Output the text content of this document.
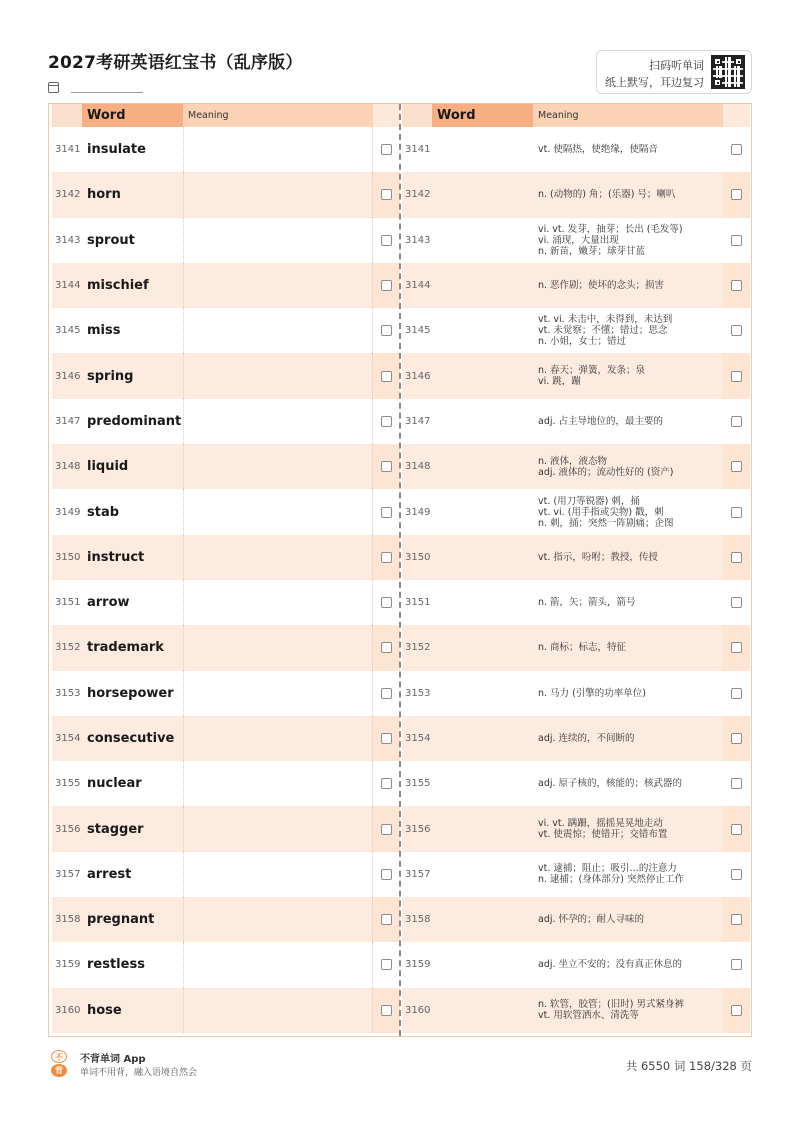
2027考研英语红宝书（乱序版）	扫码听单词
纸上默写，耳边复习
Word	Meaning
3141 insulate
3142 horn
3143 sprout
3144 mischief
3145 miss
3146 spring
3147 predominant
3148 liquid
3149 stab
3150 instruct
3151 arrow
3152 trademark
3153 horsepower
3154 consecutive
3155 nuclear
3156 stagger
3157 arrest
3158 pregnant
3159 restless
3160 hose
Word	Meaning
3141	vt. 使隔热，使绝缘，使隔音
3142	n. (动物的) 角；(乐器) 号；喇叭
3143
vi. vt. 发芽，抽芽；长出 (毛发等)
vi. 涌现，大量出现
n. 新苗，嫩芽；球芽甘蓝
3144	n. 恶作剧；使坏的念头；损害
3145
vt. vi. 未击中，未得到，未达到
vt. 未觉察；不懂；错过；思念
n. 小姐，女士；错过
3146	n. 春天；弹簧，发条；泉
vi. 跳，蹦
3147	adj. 占主导地位的，最主要的
3148	n. 液体，液态物
adj. 液体的；流动性好的 (资产)
3149
vt. (用刀等锐器) 刺，捅
vt. vi. (用手指或尖物) 戳，刺
n. 刺，捅；突然一阵剧痛；企图
3150	vt. 指示，吩咐；教授，传授
3151	n. 箭，矢；箭头，箭号
3152	n. 商标；标志，特征
3153	n. 马力 (引擎的功率单位)
3154	adj. 连续的，不间断的
3155	adj. 原子核的，核能的；核武器的
3156	vi. vt. 蹒跚，摇摇晃晃地走动
vt. 使震惊；使错开；交错布置
3157	vt. 逮捕；阻止；吸引…的注意力
n. 逮捕；(身体部分) 突然停止工作
3158	adj. 怀孕的；耐人寻味的
3159	adj. 坐立不安的；没有真正休息的
3160	n. 软管，胶管；(旧时) 男式紧身裤
vt. 用软管洒水、清洗等
不
背
不背单词 App
单词不用背，融入语境自然会	共 6550 词 158/328 页
